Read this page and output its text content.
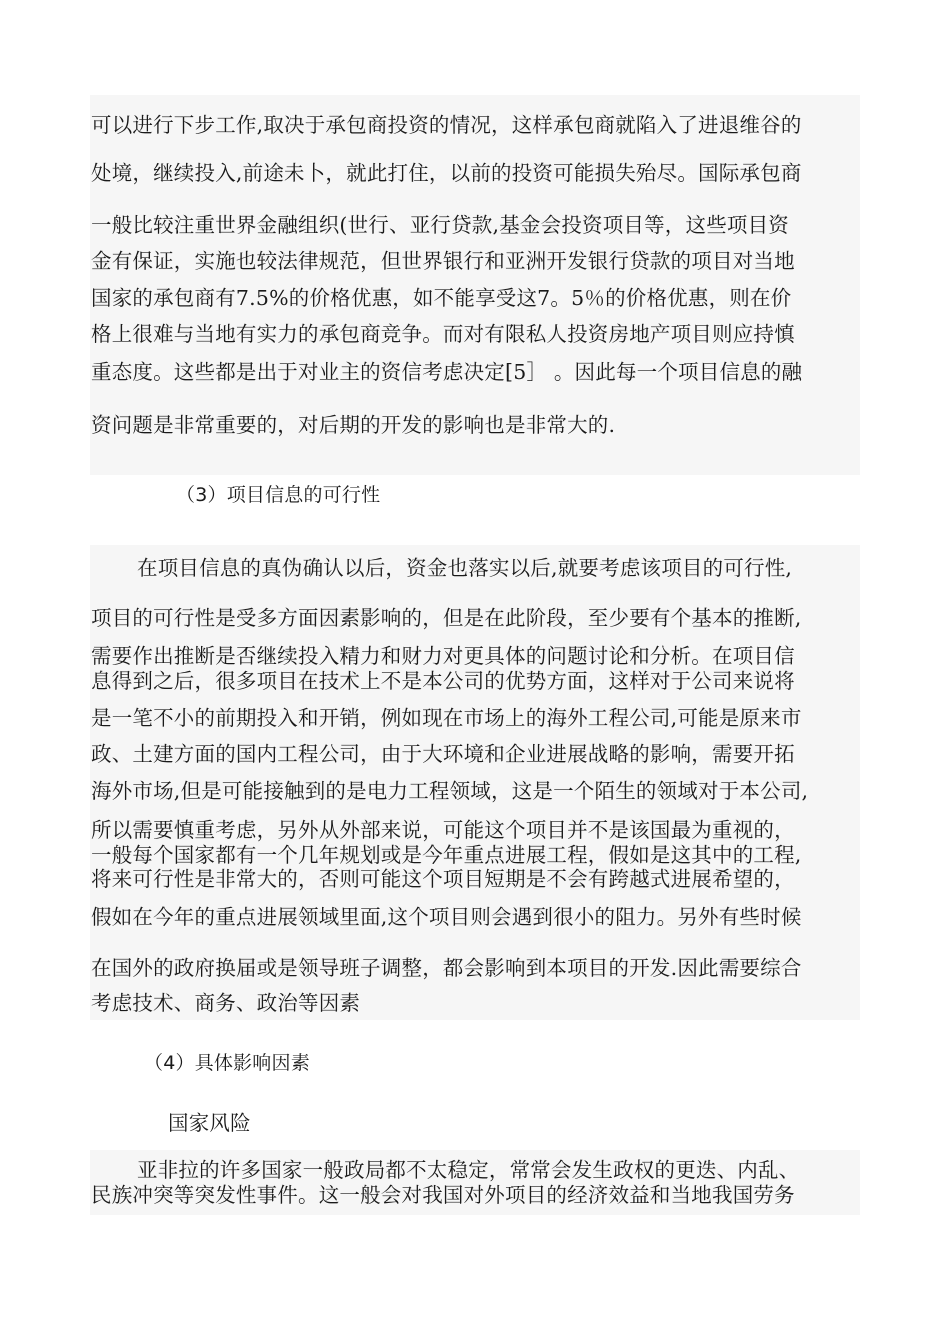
可以进行下步工作,取决于承包商投资的情况，这样承包商就陷入了进退维谷的
处境，继续投入,前途未卜，就此打住，以前的投资可能损失殆尽。国际承包商
一般比较注重世界金融组织(世行、亚行贷款,基金会投资项目等，这些项目资
金有保证，实施也较法律规范，但世界银行和亚洲开发银行贷款的项目对当地
国家的承包商有7.5%的价格优惠，如不能享受这7。5％的价格优惠，则在价
格上很难与当地有实力的承包商竞争。而对有限私人投资房地产项目则应持慎
重态度。这些都是出于对业主的资信考虑决定[5］ 。因此每一个项目信息的融
资问题是非常重要的，对后期的开发的影响也是非常大的.
（3）项目信息的可行性
在项目信息的真伪确认以后，资金也落实以后,就要考虑该项目的可行性,
项目的可行性是受多方面因素影响的，但是在此阶段，至少要有个基本的推断,
需要作出推断是否继续投入精力和财力对更具体的问题讨论和分析。在项目信
息得到之后，很多项目在技术上不是本公司的优势方面，这样对于公司来说将
是一笔不小的前期投入和开销，例如现在市场上的海外工程公司,可能是原来市
政、土建方面的国内工程公司，由于大环境和企业进展战略的影响，需要开拓
海外市场,但是可能接触到的是电力工程领域，这是一个陌生的领域对于本公司,
所以需要慎重考虑，另外从外部来说，可能这个项目并不是该国最为重视的，
一般每个国家都有一个几年规划或是今年重点进展工程，假如是这其中的工程,
将来可行性是非常大的，否则可能这个项目短期是不会有跨越式进展希望的，
假如在今年的重点进展领域里面,这个项目则会遇到很小的阻力。另外有些时候
在国外的政府换届或是领导班子调整，都会影响到本项目的开发.因此需要综合
考虑技术、商务、政治等因素
（4）具体影响因素
国家风险
亚非拉的许多国家一般政局都不太稳定，常常会发生政权的更迭、内乱、
民族冲突等突发性事件。这一般会对我国对外项目的经济效益和当地我国劳务
